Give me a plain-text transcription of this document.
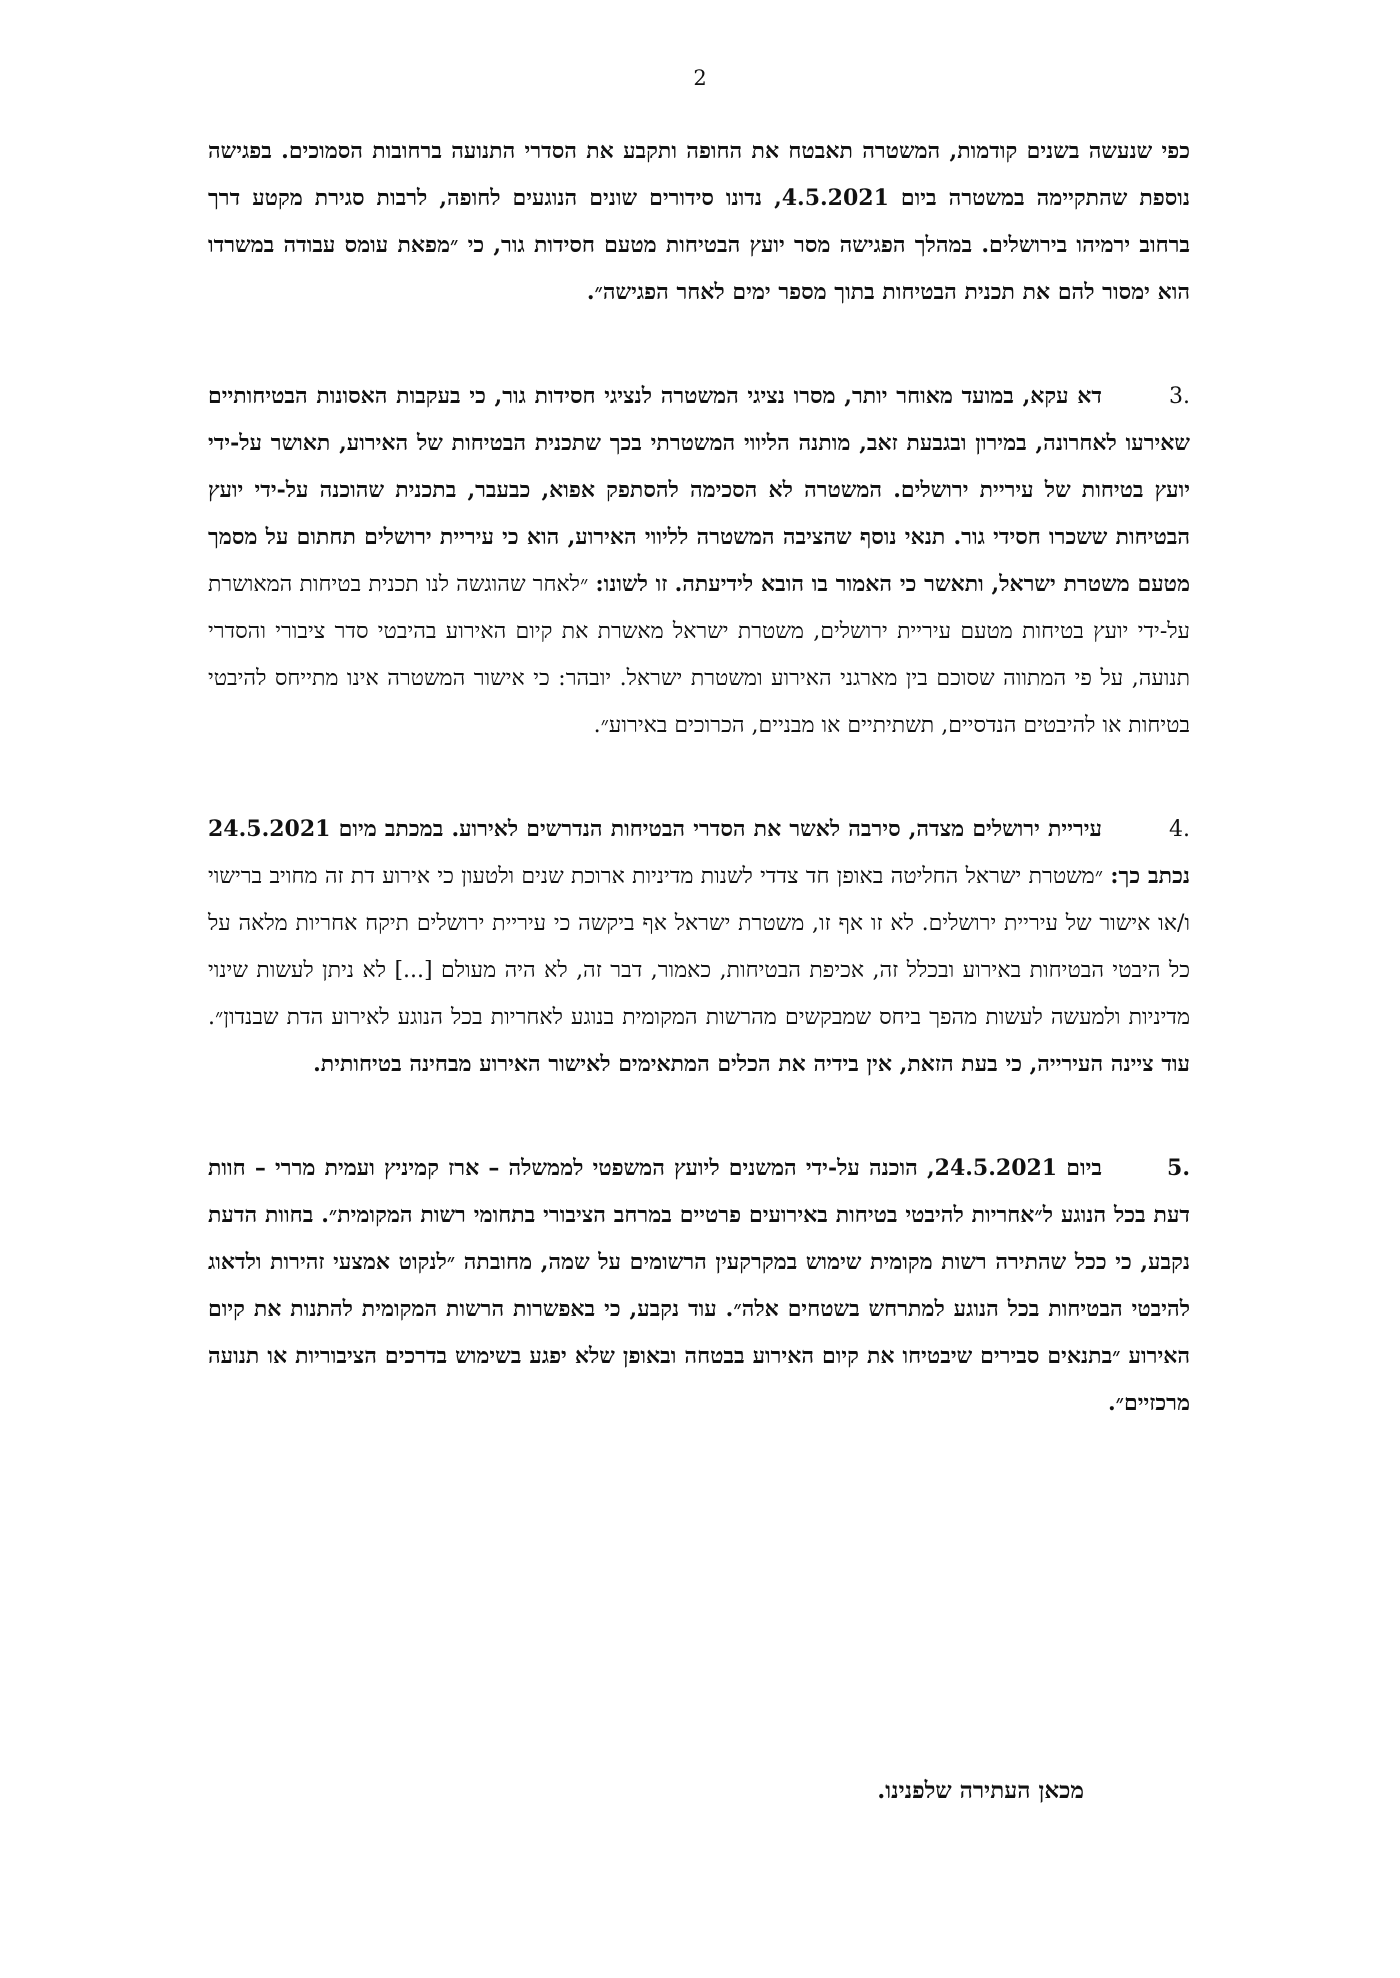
2

כפי שנעשה בשנים קודמות, המשטרה תאבטח את החופה ותקבע את הסדרי התנועה ברחובות הסמוכים. בפגישה נוספת שהתקיימה במשטרה ביום 4.5.2021, נדונו סידורים שונים הנוגעים לחופה, לרבות סגירת מקטע דרך ברחוב ירמיהו בירושלים. במהלך הפגישה מסר יועץ הבטיחות מטעם חסידות גור, כי ״מפאת עומס עבודה במשרדו הוא ימסור להם את תכנית הבטיחות בתוך מספר ימים לאחר הפגישה״.

3.
דא עקא, במועד מאוחר יותר, מסרו נציגי המשטרה לנציגי חסידות גור, כי בעקבות האסונות הבטיחותיים שאירעו לאחרונה, במירון ובגבעת זאב, מותנה הליווי המשטרתי בכך שתכנית הבטיחות של האירוע, תאושר על-ידי יועץ בטיחות של עיריית ירושלים. המשטרה לא הסכימה להסתפק אפוא, כבעבר, בתכנית שהוכנה על-ידי יועץ הבטיחות ששכרו חסידי גור. תנאי נוסף שהציבה המשטרה לליווי האירוע, הוא כי עיריית ירושלים תחתום על מסמך מטעם משטרת ישראל, ותאשר כי האמור בו הובא לידיעתה. זו לשונו: ״לאחר שהוגשה לנו תכנית בטיחות המאושרת על-ידי יועץ בטיחות מטעם עיריית ירושלים, משטרת ישראל מאשרת את קיום האירוע בהיבטי סדר ציבורי והסדרי תנועה, על פי המתווה שסוכם בין מארגני האירוע ומשטרת ישראל. יובהר: כי אישור המשטרה אינו מתייחס להיבטי בטיחות או להיבטים הנדסיים, תשתיתיים או מבניים, הכרוכים באירוע״.

4.
עיריית ירושלים מצדה, סירבה לאשר את הסדרי הבטיחות הנדרשים לאירוע. במכתב מיום 24.5.2021 נכתב כך: ״משטרת ישראל החליטה באופן חד צדדי לשנות מדיניות ארוכת שנים ולטעון כי אירוע דת זה מחויב ברישוי ו/או אישור של עיריית ירושלים. לא זו אף זו, משטרת ישראל אף ביקשה כי עיריית ירושלים תיקח אחריות מלאה על כל היבטי הבטיחות באירוע ובכלל זה, אכיפת הבטיחות, כאמור, דבר זה, לא היה מעולם [...] לא ניתן לעשות שינוי מדיניות ולמעשה לעשות מהפך ביחס שמבקשים מהרשות המקומית בנוגע לאחריות בכל הנוגע לאירוע הדת שבנדון״. עוד ציינה העירייה, כי בעת הזאת, אין בידיה את הכלים המתאימים לאישור האירוע מבחינה בטיחותית.

5.
ביום 24.5.2021, הוכנה על-ידי המשנים ליועץ המשפטי לממשלה – ארז קמיניץ ועמית מררי – חוות דעת בכל הנוגע ל״אחריות להיבטי בטיחות באירועים פרטיים במרחב הציבורי בתחומי רשות המקומית״. בחוות הדעת נקבע, כי ככל שהתירה רשות מקומית שימוש במקרקעין הרשומים על שמה, מחובתה ״לנקוט אמצעי זהירות ולדאוג להיבטי הבטיחות בכל הנוגע למתרחש בשטחים אלה״. עוד נקבע, כי באפשרות הרשות המקומית להתנות את קיום האירוע ״בתנאים סבירים שיבטיחו את קיום האירוע בבטחה ובאופן שלא יפגע בשימוש בדרכים הציבוריות או תנועה מרכזיים״.

מכאן העתירה שלפנינו.
